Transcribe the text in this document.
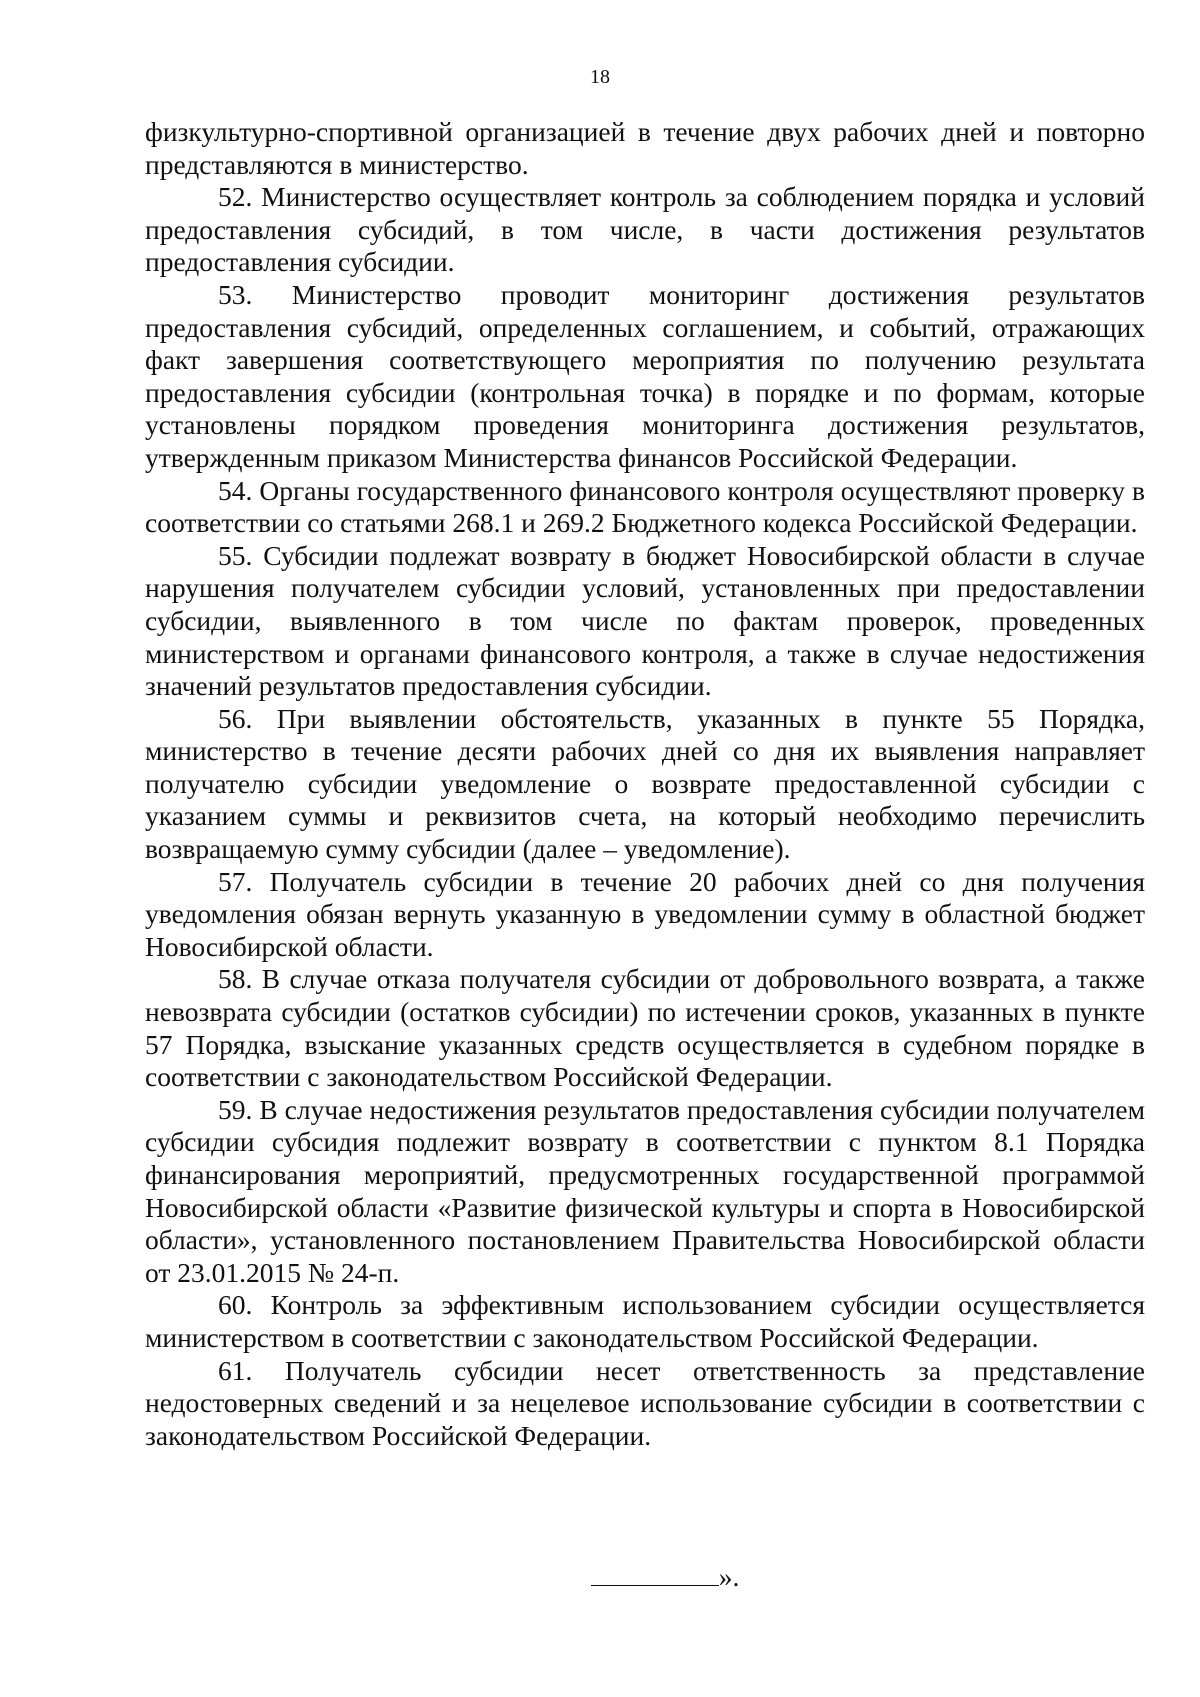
18

физкультурно-спортивной организацией в течение двух рабочих дней и повторно представляются в министерство.

52. Министерство осуществляет контроль за соблюдением порядка и условий предоставления субсидий, в том числе, в части достижения результатов предоставления субсидии.

53. Министерство проводит мониторинг достижения результатов предоставления субсидий, определенных соглашением, и событий, отражающих факт завершения соответствующего мероприятия по получению результата предоставления субсидии (контрольная точка) в порядке и по формам, которые установлены порядком проведения мониторинга достижения результатов, утвержденным приказом Министерства финансов Российской Федерации.

54. Органы государственного финансового контроля осуществляют проверку в соответствии со статьями 268.1 и 269.2 Бюджетного кодекса Российской Федерации.

55. Субсидии подлежат возврату в бюджет Новосибирской области в случае нарушения получателем субсидии условий, установленных при предоставлении субсидии, выявленного в том числе по фактам проверок, проведенных министерством и органами финансового контроля, а также в случае недостижения значений результатов предоставления субсидии.

56. При выявлении обстоятельств, указанных в пункте 55 Порядка, министерство в течение десяти рабочих дней со дня их выявления направляет получателю субсидии уведомление о возврате предоставленной субсидии с указанием суммы и реквизитов счета, на который необходимо перечислить возвращаемую сумму субсидии (далее – уведомление).

57. Получатель субсидии в течение 20 рабочих дней со дня получения уведомления обязан вернуть указанную в уведомлении сумму в областной бюджет Новосибирской области.

58. В случае отказа получателя субсидии от добровольного возврата, а также невозврата субсидии (остатков субсидии) по истечении сроков, указанных в пункте 57 Порядка, взыскание указанных средств осуществляется в судебном порядке в соответствии с законодательством Российской Федерации.

59. В случае недостижения результатов предоставления субсидии получателем субсидии субсидия подлежит возврату в соответствии с пунктом 8.1 Порядка финансирования мероприятий, предусмотренных государственной программой Новосибирской области «Развитие физической культуры и спорта в Новосибирской области», установленного постановлением Правительства Новосибирской области от 23.01.2015 № 24-п.

60. Контроль за эффективным использованием субсидии осуществляется министерством в соответствии с законодательством Российской Федерации.

61. Получатель субсидии несет ответственность за представление недостоверных сведений и за нецелевое использование субсидии в соответствии с законодательством Российской Федерации.

».
